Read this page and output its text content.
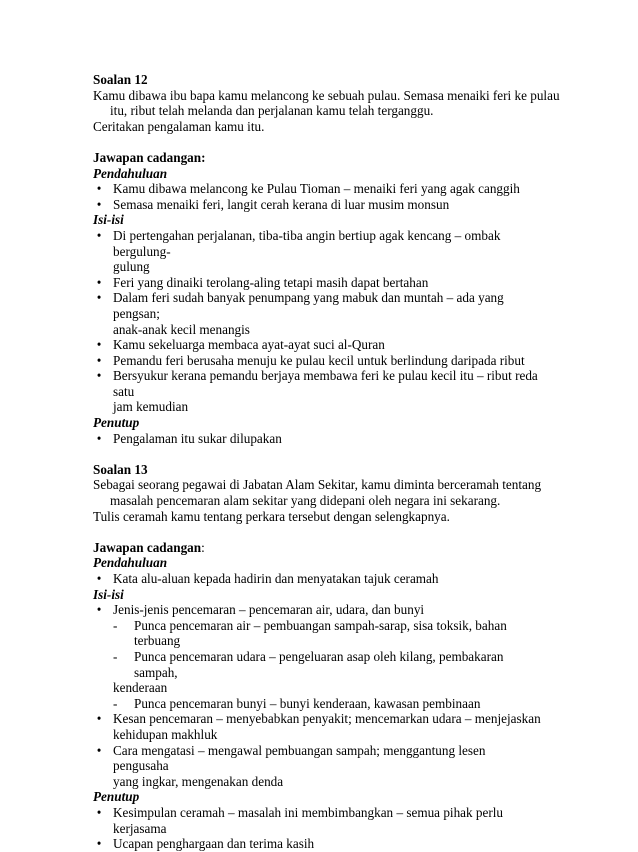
Soalan 12
Kamu dibawa ibu bapa kamu melancong ke sebuah pulau. Semasa menaiki feri ke pulau
itu, ribut telah melanda dan perjalanan kamu telah terganggu.
Ceritakan pengalaman kamu itu.
Jawapan cadangan:
Pendahuluan
• Kamu dibawa melancong ke Pulau Tioman – menaiki feri yang agak canggih
• Semasa menaiki feri, langit cerah kerana di luar musim monsun
Isi-isi
• Di pertengahan perjalanan, tiba-tiba angin bertiup agak kencang – ombak bergulung-
gulung
• Feri yang dinaiki terolang-aling tetapi masih dapat bertahan
• Dalam feri sudah banyak penumpang yang mabuk dan muntah – ada yang pengsan;
anak-anak kecil menangis
• Kamu sekeluarga membaca ayat-ayat suci al-Quran
• Pemandu feri berusaha menuju ke pulau kecil untuk berlindung daripada ribut
• Bersyukur kerana pemandu berjaya membawa feri ke pulau kecil itu – ribut reda satu
jam kemudian
Penutup
• Pengalaman itu sukar dilupakan
Soalan 13
Sebagai seorang pegawai di Jabatan Alam Sekitar, kamu diminta berceramah tentang
masalah pencemaran alam sekitar yang didepani oleh negara ini sekarang.
Tulis ceramah kamu tentang perkara tersebut dengan selengkapnya.
Jawapan cadangan:
Pendahuluan
• Kata alu-aluan kepada hadirin dan menyatakan tajuk ceramah
Isi-isi
• Jenis-jenis pencemaran – pencemaran air, udara, dan bunyi
- Punca pencemaran air – pembuangan sampah-sarap, sisa toksik, bahan terbuang
- Punca pencemaran udara – pengeluaran asap oleh kilang, pembakaran sampah,
kenderaan
- Punca pencemaran bunyi – bunyi kenderaan, kawasan pembinaan
• Kesan pencemaran – menyebabkan penyakit; mencemarkan udara – menjejaskan
kehidupan makhluk
• Cara mengatasi – mengawal pembuangan sampah; menggantung lesen pengusaha
yang ingkar, mengenakan denda
Penutup
• Kesimpulan ceramah – masalah ini membimbangkan – semua pihak perlu kerjasama
• Ucapan penghargaan dan terima kasih
